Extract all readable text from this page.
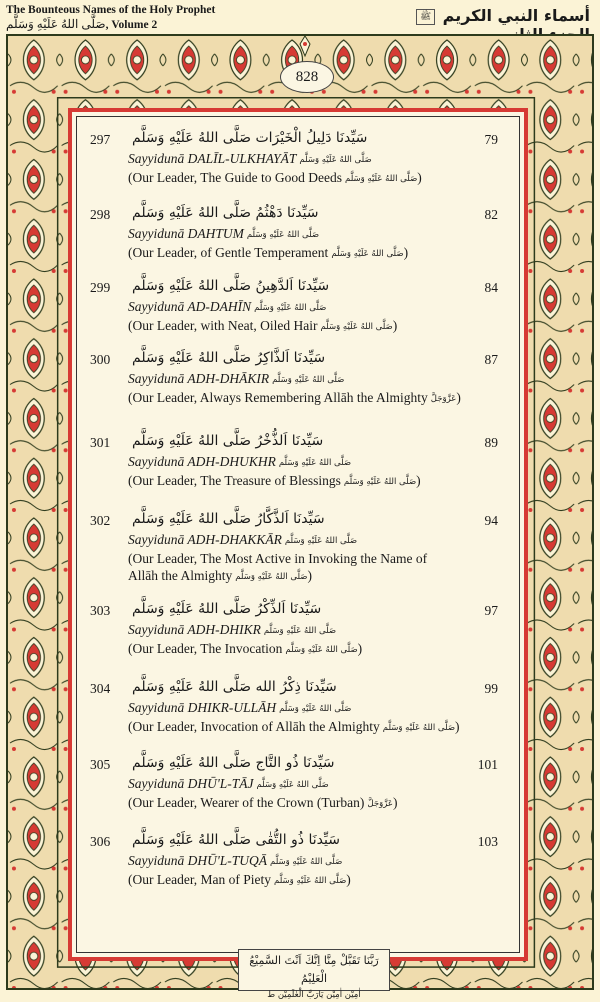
The Bounteous Names of the Holy Prophet
صَلَّى اللهُ عَلَيْهِ وَسَلَّم, Volume 2	أسماء النبي الكريم ﷺ
828
رَبَّنَا تَقَبَّلْ مِنَّا اِنَّكَ اَنْتَ السَّمِيْعُ الْعَلِيْمُ
اٰمِيْن اٰمِيْن يَارَبَّ الْعٰلَمِيْن ط
297 سَيِّدنَا دَلِيلُ الْخَيْرَات صَلَّى اللهُ عَلَيْهِ وَسَلَّم	79
Sayyidunā DALĪL-ULKHAYĀT صَلَّى اللهُ عَلَيْهِ وَسَلَّم
(Our Leader, The Guide to Good Deeds صَلَّى اللهُ عَلَيْهِ وَسَلَّم)
298 سَيِّدنَا دَهْثُمُ صَلَّى اللهُ عَلَيْهِ وَسَلَّم	82
Sayyidunā DAHTUM صَلَّى اللهُ عَلَيْهِ وَسَلَّم
(Our Leader, of Gentle Temperament صَلَّى اللهُ عَلَيْهِ وَسَلَّم)
299 سَيِّدنَا اَلدَّهِينُ صَلَّى اللهُ عَلَيْهِ وَسَلَّم	84
Sayyidunā AD-DAHĪN صَلَّى اللهُ عَلَيْهِ وَسَلَّم
(Our Leader, with Neat, Oiled Hair صَلَّى اللهُ عَلَيْهِ وَسَلَّم)
300 سَيِّدنَا اَلذَّاكِرُ صَلَّى اللهُ عَلَيْهِ وَسَلَّم	87
Sayyidunā ADH-DHĀKIR صَلَّى اللهُ عَلَيْهِ وَسَلَّم
(Our Leader, Always Remembering Allāh the Almighty عَزَّوَجَلَّ)
301 سَيِّدنَا اَلذُّخْرُ صَلَّى اللهُ عَلَيْهِ وَسَلَّم	89
Sayyidunā ADH-DHUKHR صَلَّى اللهُ عَلَيْهِ وَسَلَّم
(Our Leader, The Treasure of Blessings صَلَّى اللهُ عَلَيْهِ وَسَلَّم)
302 سَيِّدنَا اَلذَّكَّارُ صَلَّى اللهُ عَلَيْهِ وَسَلَّم	94
Sayyidunā ADH-DHAKKĀR صَلَّى اللهُ عَلَيْهِ وَسَلَّم
(Our Leader, The Most Active in Invoking the Name of
Allāh the Almighty صَلَّى اللهُ عَلَيْهِ وَسَلَّم)
303 سَيِّدنَا اَلذِّكْرُ صَلَّى اللهُ عَلَيْهِ وَسَلَّم	97
Sayyidunā ADH-DHIKR صَلَّى اللهُ عَلَيْهِ وَسَلَّم
(Our Leader, The Invocation صَلَّى اللهُ عَلَيْهِ وَسَلَّم)
304 سَيِّدنَا ذِكْرُ الله صَلَّى اللهُ عَلَيْهِ وَسَلَّم	99
Sayyidunā DHIKR-ULLĀH صَلَّى اللهُ عَلَيْهِ وَسَلَّم
(Our Leader, Invocation of Allāh the Almighty صَلَّى اللهُ عَلَيْهِ وَسَلَّم)
305 سَيِّدنَا ذُو التَّاج صَلَّى اللهُ عَلَيْهِ وَسَلَّم	101
Sayyidunā DHŪ'L-TĀJ صَلَّى اللهُ عَلَيْهِ وَسَلَّم
(Our Leader, Wearer of the Crown (Turban) عَزَّوَجَلَّ)
306 سَيِّدنَا ذُو التُّقٰى صَلَّى اللهُ عَلَيْهِ وَسَلَّم	103
Sayyidunā DHŪ'L-TUQĀ صَلَّى اللهُ عَلَيْهِ وَسَلَّم
(Our Leader, Man of Piety صَلَّى اللهُ عَلَيْهِ وَسَلَّم)
